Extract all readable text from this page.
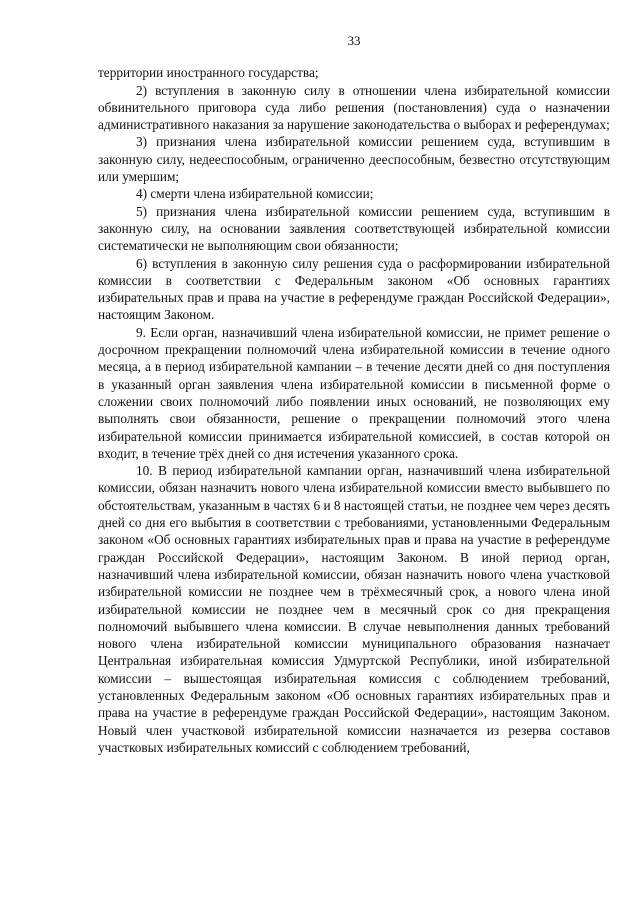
33

территории иностранного государства;

2) вступления в законную силу в отношении члена избирательной комиссии обвинительного приговора суда либо решения (постановления) суда о назначении административного наказания за нарушение законодательства о выборах и референдумах;

3) признания члена избирательной комиссии решением суда, вступившим в законную силу, недееспособным, ограниченно дееспособным, безвестно отсутствующим или умершим;

4) смерти члена избирательной комиссии;

5) признания члена избирательной комиссии решением суда, вступившим в законную силу, на основании заявления соответствующей избирательной комиссии систематически не выполняющим свои обязанности;

6) вступления в законную силу решения суда о расформировании избирательной комиссии в соответствии с Федеральным законом «Об основных гарантиях избирательных прав и права на участие в референдуме граждан Российской Федерации», настоящим Законом.

9. Если орган, назначивший члена избирательной комиссии, не примет решение о досрочном прекращении полномочий члена избирательной комиссии в течение одного месяца, а в период избирательной кампании – в течение десяти дней со дня поступления в указанный орган заявления члена избирательной комиссии в письменной форме о сложении своих полномочий либо появлении иных оснований, не позволяющих ему выполнять свои обязанности, решение о прекращении полномочий этого члена избирательной комиссии принимается избирательной комиссией, в состав которой он входит, в течение трёх дней со дня истечения указанного срока.

10. В период избирательной кампании орган, назначивший члена избирательной комиссии, обязан назначить нового члена избирательной комиссии вместо выбывшего по обстоятельствам, указанным в частях 6 и 8 настоящей статьи, не позднее чем через десять дней со дня его выбытия в соответствии с требованиями, установленными Федеральным законом «Об основных гарантиях избирательных прав и права на участие в референдуме граждан Российской Федерации», настоящим Законом. В иной период орган, назначивший члена избирательной комиссии, обязан назначить нового члена участковой избирательной комиссии не позднее чем в трёхмесячный срок, а нового члена иной избирательной комиссии не позднее чем в месячный срок со дня прекращения полномочий выбывшего члена комиссии. В случае невыполнения данных требований нового члена избирательной комиссии муниципального образования назначает Центральная избирательная комиссия Удмуртской Республики, иной избирательной комиссии – вышестоящая избирательная комиссия с соблюдением требований, установленных Федеральным законом «Об основных гарантиях избирательных прав и права на участие в референдуме граждан Российской Федерации», настоящим Законом. Новый член участковой избирательной комиссии назначается из резерва составов участковых избирательных комиссий с соблюдением требований,
